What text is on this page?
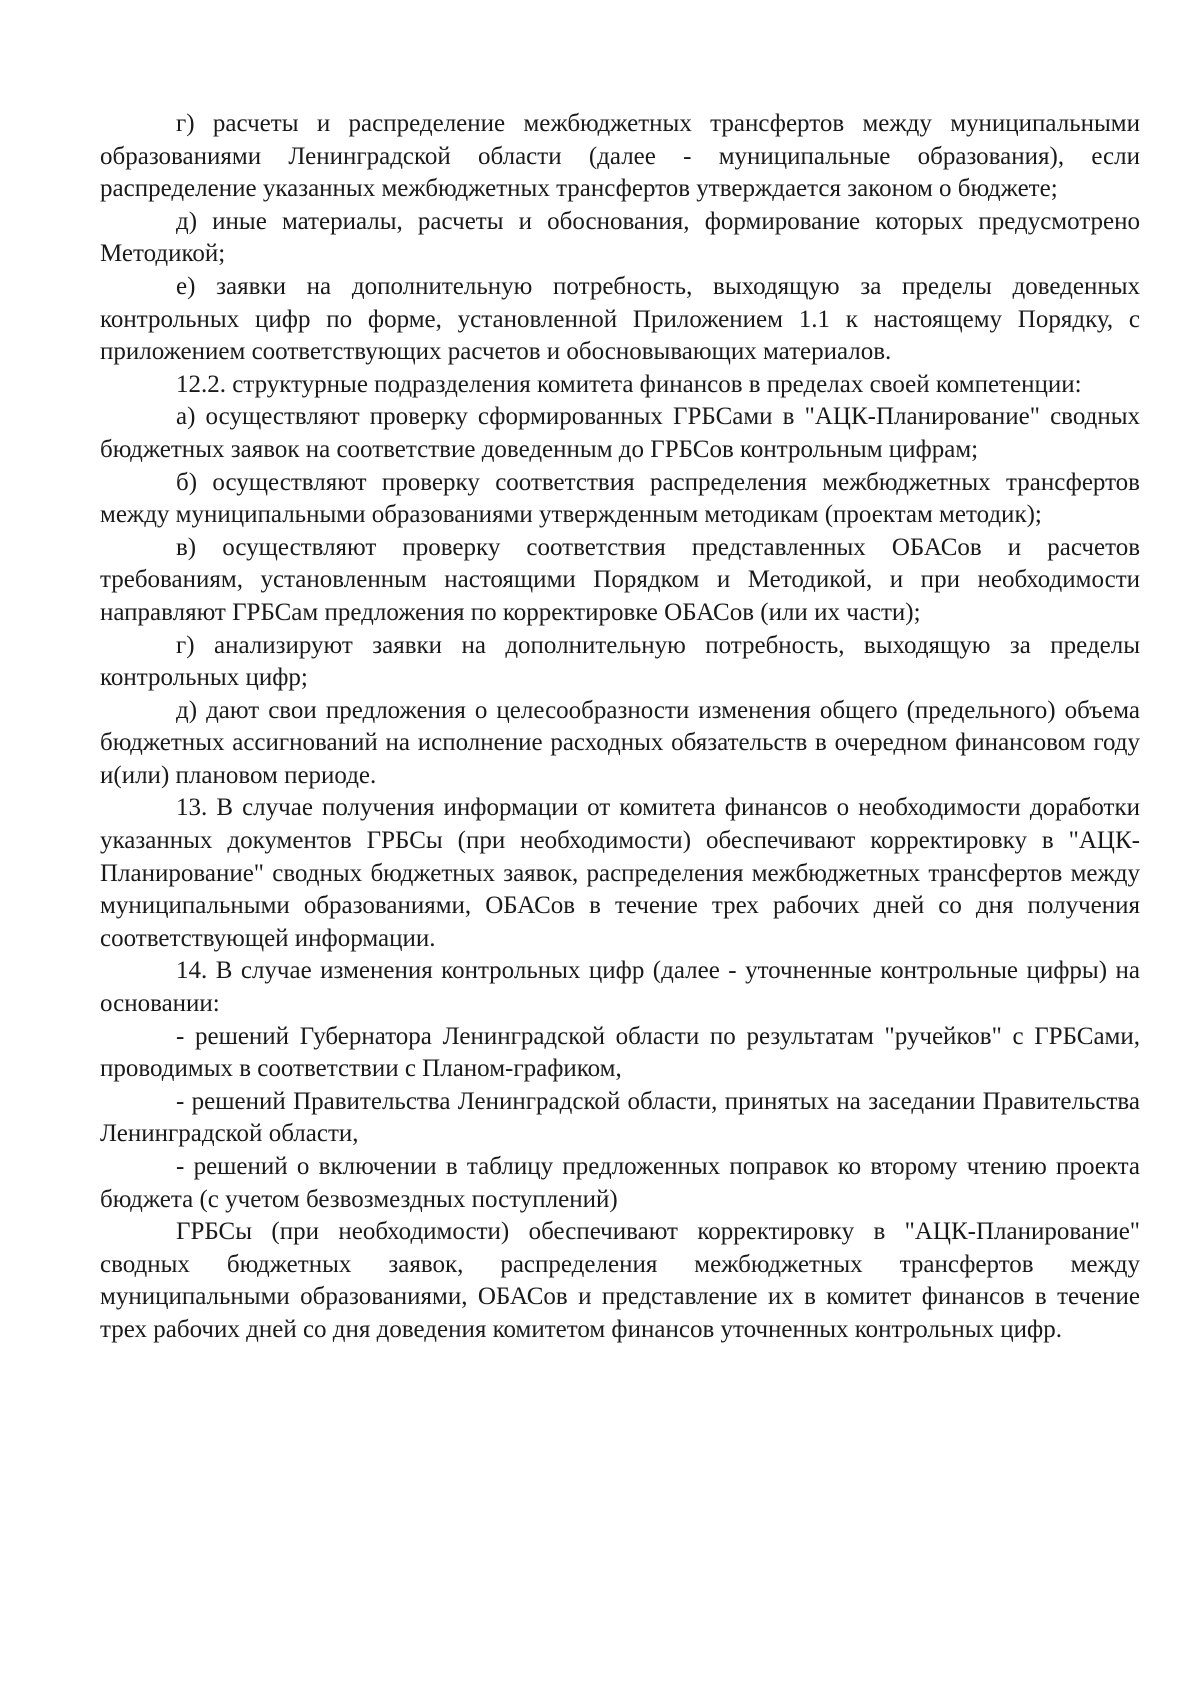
г) расчеты и распределение межбюджетных трансфертов между муниципальными образованиями Ленинградской области (далее - муниципальные образования), если распределение указанных межбюджетных трансфертов утверждается законом о бюджете;

д) иные материалы, расчеты и обоснования, формирование которых предусмотрено Методикой;

е) заявки на дополнительную потребность, выходящую за пределы доведенных контрольных цифр по форме, установленной Приложением 1.1 к настоящему Порядку, с приложением соответствующих расчетов и обосновывающих материалов.

12.2. структурные подразделения комитета финансов в пределах своей компетенции:

а) осуществляют проверку сформированных ГРБСами в "АЦК-Планирование" сводных бюджетных заявок на соответствие доведенным до ГРБСов контрольным цифрам;

б) осуществляют проверку соответствия распределения межбюджетных трансфертов между муниципальными образованиями утвержденным методикам (проектам методик);

в) осуществляют проверку соответствия представленных ОБАСов и расчетов требованиям, установленным настоящими Порядком и Методикой, и при необходимости направляют ГРБСам предложения по корректировке ОБАСов (или их части);

г) анализируют заявки на дополнительную потребность, выходящую за пределы контрольных цифр;

д) дают свои предложения о целесообразности изменения общего (предельного) объема бюджетных ассигнований на исполнение расходных обязательств в очередном финансовом году и(или) плановом периоде.

13. В случае получения информации от комитета финансов о необходимости доработки указанных документов ГРБСы (при необходимости) обеспечивают корректировку в "АЦК-Планирование" сводных бюджетных заявок, распределения межбюджетных трансфертов между муниципальными образованиями, ОБАСов в течение трех рабочих дней со дня получения соответствующей информации.

14. В случае изменения контрольных цифр (далее - уточненные контрольные цифры) на основании:

- решений Губернатора Ленинградской области по результатам "ручейков" с ГРБСами, проводимых в соответствии с Планом-графиком,

- решений Правительства Ленинградской области, принятых на заседании Правительства Ленинградской области,

- решений о включении в таблицу предложенных поправок ко второму чтению проекта бюджета (с учетом безвозмездных поступлений)

ГРБСы (при необходимости) обеспечивают корректировку в "АЦК-Планирование" сводных бюджетных заявок, распределения межбюджетных трансфертов между муниципальными образованиями, ОБАСов и представление их в комитет финансов в течение трех рабочих дней со дня доведения комитетом финансов уточненных контрольных цифр.
